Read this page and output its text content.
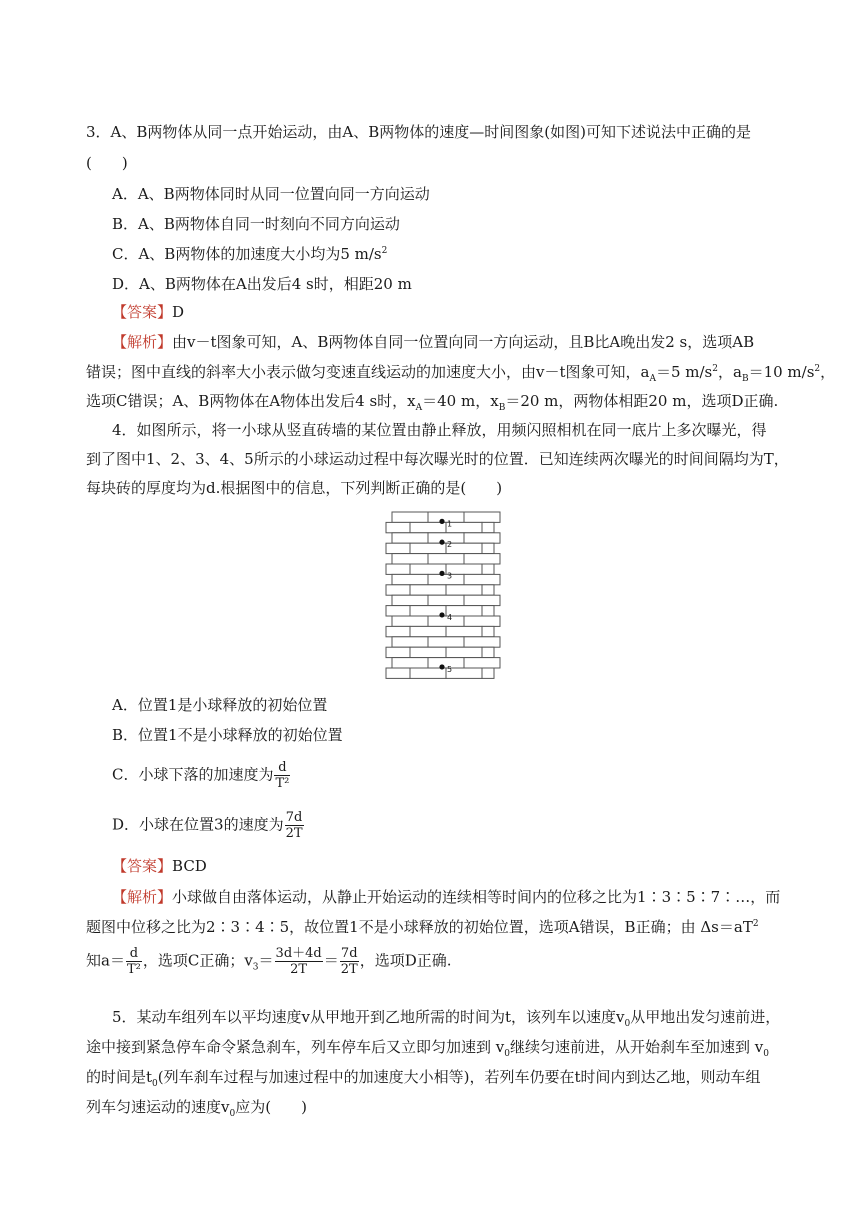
3．A、B两物体从同一点开始运动，由A、B两物体的速度—时间图象(如图)可知下述说法中正确的是
(　　)
A．A、B两物体同时从同一位置向同一方向运动
B．A、B两物体自同一时刻向不同方向运动
C．A、B两物体的加速度大小均为5 $m/s^2$
D．A、B两物体在A出发后4 s时，相距20 m
【答案】D
【解析】由v－t图象可知，A、B两物体自同一位置向同一方向运动，且B比A晚出发2 s，选项AB
错误；图中直线的斜率大小表示做匀变速直线运动的加速度大小，由v－t图象可知，$a_A=5$ $m/s^2$，$a_B=10$ $m/s^2$，
选项C错误；A、B两物体在A物体出发后4 s时，$x_A=40$ m，$x_B=20$ m，两物体相距20 m，选项D正确.
4．如图所示，将一小球从竖直砖墙的某位置由静止释放，用频闪照相机在同一底片上多次曝光，得
到了图中1、2、3、4、5所示的小球运动过程中每次曝光时的位置．已知连续两次曝光的时间间隔均为T，
每块砖的厚度均为d.根据图中的信息，下列判断正确的是(　　)
1
2
3
4
5
A．位置1是小球释放的初始位置
B．位置1不是小球释放的初始位置
C．小球下落的加速度为 $\frac{d}{\text{T²}}$
D．小球在位置3的速度为 $\frac{7d}{2T}$
【答案】BCD
【解析】小球做自由落体运动，从静止开始运动的连续相等时间内的位移之比为1∶3∶5∶7∶…，而
题图中位移之比为2∶3∶4∶5，故位置1不是小球释放的初始位置，选项A错误，B正确；由 $\Delta s=aT^2$
知$a= \frac{d}{\text{T²}}$ ，选项C正确；$v_3= \frac{3d+4d}{2T} = \frac{7d}{2T}$ ，选项D正确.
5．某动车组列车以平均速度v从甲地开到乙地所需的时间为t，该列车以速度$v_0$从甲地出发匀速前进，
途中接到紧急停车命令紧急刹车，列车停车后又立即匀加速到 $v_0$继续匀速前进，从开始刹车至加速到 $v_0$
的时间是$t_0$(列车刹车过程与加速过程中的加速度大小相等)，若列车仍要在t时间内到达乙地，则动车组
列车匀速运动的速度$v_0$应为(　　)
